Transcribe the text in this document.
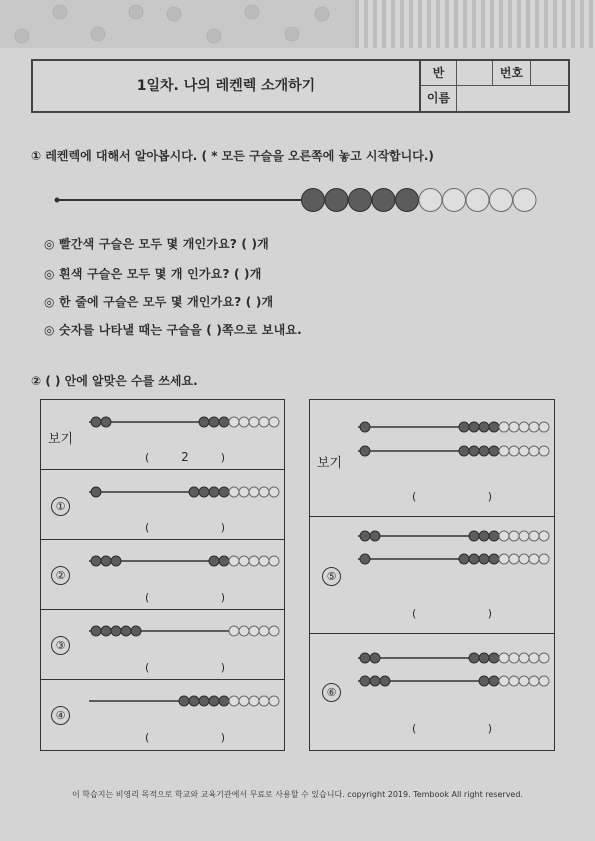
1일차. 나의 레켄렉 소개하기
반	번호
이름
① 레켄렉에 대해서 알아봅시다. ( * 모든 구슬을 오른쪽에 놓고 시작합니다.)
◎ 빨간색 구슬은 모두 몇 개인가요? ( )개
◎ 흰색 구슬은 모두 몇 개 인가요? ( )개
◎ 한 줄에 구슬은 모두 몇 개인가요? ( )개
◎ 숫자를 나타낼 때는 구슬을 ( )쪽으로 보내요.
② ( ) 안에 알맞은 수를 쓰세요.
보기
①
②
③
④
보기
⑤
⑥
(	2	)
(	)
(	)
(	)
(	)
(	)
(	)
(	)
이 학습지는 비영리 목적으로 학교와 교육기관에서 무료로 사용할 수 있습니다. copyright 2019. Tembook All right reserved.
